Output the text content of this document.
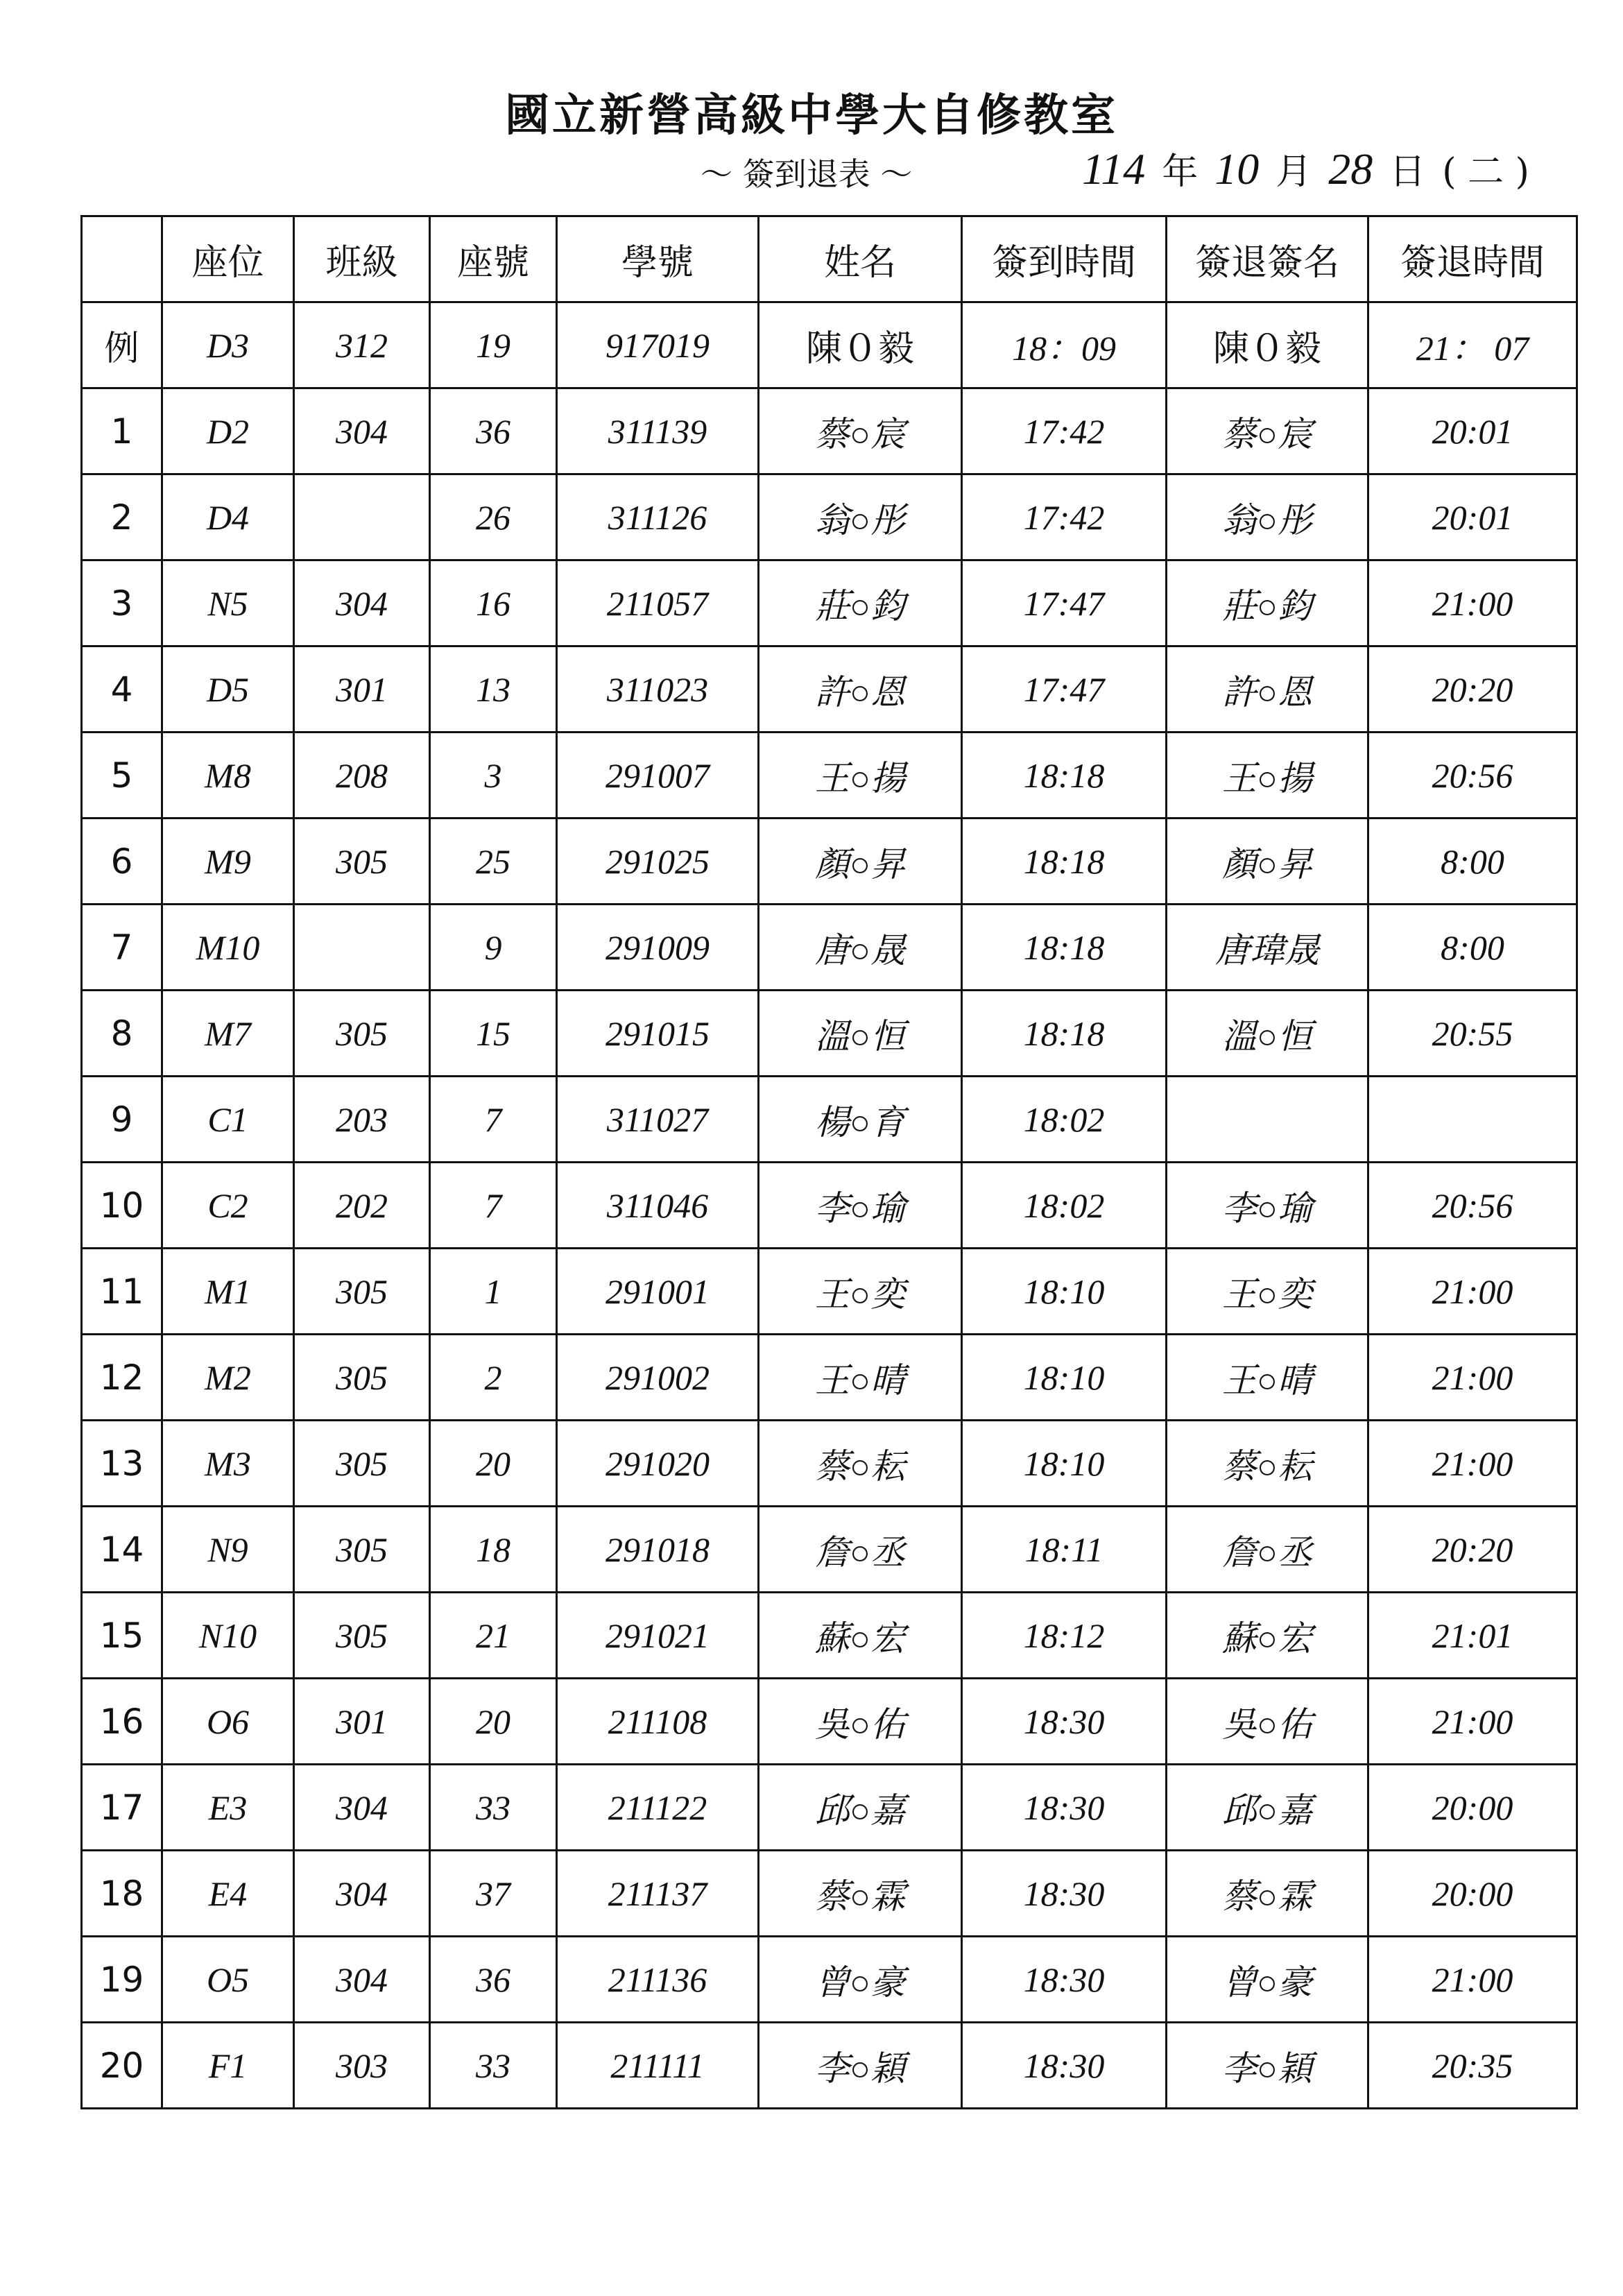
國立新營高級中學大自修教室
～ 簽到退表 ～	114 年 10 月 28 日 ( 二 )
	座位	班級	座號	學號	姓名	簽到時間	簽退簽名	簽退時間
例	D3	312	19	917019	陳０毅	18：09	陳０毅	21： 07
1	D2	304	36	311139	蔡○宸	17:42	蔡○宸	20:01
2	D4		26	311126	翁○彤	17:42	翁○彤	20:01
3	N5	304	16	211057	莊○鈞	17:47	莊○鈞	21:00
4	D5	301	13	311023	許○恩	17:47	許○恩	20:20
5	M8	208	3	291007	王○揚	18:18	王○揚	20:56
6	M9	305	25	291025	顏○昇	18:18	顏○昇	8:00
7	M10		9	291009	唐○晟	18:18	唐瑋晟	8:00
8	M7	305	15	291015	溫○恒	18:18	溫○恒	20:55
9	C1	203	7	311027	楊○育	18:02		
10	C2	202	7	311046	李○瑜	18:02	李○瑜	20:56
11	M1	305	1	291001	王○奕	18:10	王○奕	21:00
12	M2	305	2	291002	王○晴	18:10	王○晴	21:00
13	M3	305	20	291020	蔡○耘	18:10	蔡○耘	21:00
14	N9	305	18	291018	詹○丞	18:11	詹○丞	20:20
15	N10	305	21	291021	蘇○宏	18:12	蘇○宏	21:01
16	O6	301	20	211108	吳○佑	18:30	吳○佑	21:00
17	E3	304	33	211122	邱○嘉	18:30	邱○嘉	20:00
18	E4	304	37	211137	蔡○霖	18:30	蔡○霖	20:00
19	O5	304	36	211136	曾○豪	18:30	曾○豪	21:00
20	F1	303	33	211111	李○穎	18:30	李○穎	20:35
